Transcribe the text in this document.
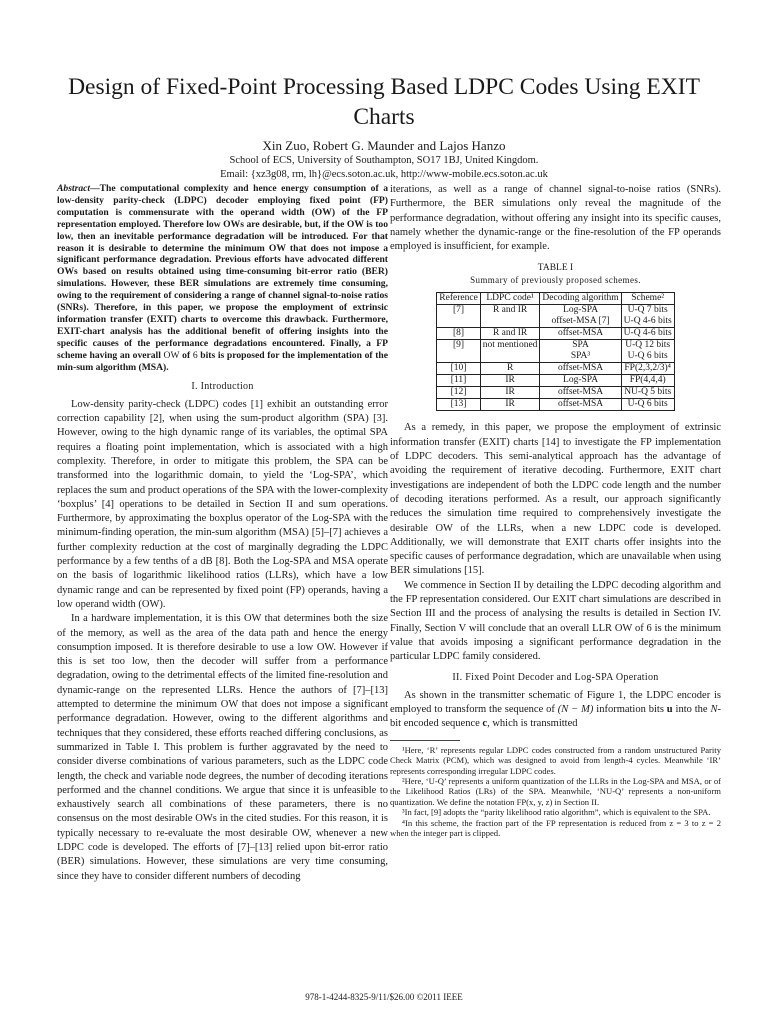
Design of Fixed-Point Processing Based LDPC Codes Using EXIT Charts
Xin Zuo, Robert G. Maunder and Lajos Hanzo
School of ECS, University of Southampton, SO17 1BJ, United Kingdom.
Email: {xz3g08, rm, lh}@ecs.soton.ac.uk, http://www-mobile.ecs.soton.ac.uk
Abstract—The computational complexity and hence energy consumption of a low-density parity-check (LDPC) decoder employing fixed point (FP) computation is commensurate with the operand width (OW) of the FP representation employed. Therefore low OWs are desirable, but, if the OW is too low, then an inevitable performance degradation will be introduced. For that reason it is desirable to determine the minimum OW that does not impose a significant performance degradation. Previous efforts have advocated different OWs based on results obtained using time-consuming bit-error ratio (BER) simulations. However, these BER simulations are extremely time consuming, owing to the requirement of considering a range of channel signal-to-noise ratios (SNRs). Therefore, in this paper, we propose the employment of extrinsic information transfer (EXIT) charts to overcome this drawback. Furthermore, EXIT-chart analysis has the additional benefit of offering insights into the specific causes of the performance degradations encountered. Finally, a FP scheme having an overall OW of 6 bits is proposed for the implementation of the min-sum algorithm (MSA).
I. Introduction

Low-density parity-check (LDPC) codes [1] exhibit an outstanding error correction capability [2], when using the sum-product algorithm (SPA) [3]. However, owing to the high dynamic range of its variables, the optimal SPA requires a floating point implementation, which is associated with a high complexity. Therefore, in order to mitigate this problem, the SPA can be transformed into the logarithmic domain, to yield the ‘Log-SPA’, which replaces the sum and product operations of the SPA with the lower-complexity ‘boxplus’ [4] operations to be detailed in Section II and sum operations. Furthermore, by approximating the boxplus operator of the Log-SPA with the minimum-finding operation, the min-sum algorithm (MSA) [5]–[7] achieves a further complexity reduction at the cost of marginally degrading the LDPC performance by a few tenths of a dB [8]. Both the Log-SPA and MSA operate on the basis of logarithmic likelihood ratios (LLRs), which have a low dynamic range and can be represented by fixed point (FP) operands, having a low operand width (OW).

In a hardware implementation, it is this OW that determines both the size of the memory, as well as the area of the data path and hence the energy consumption imposed. It is therefore desirable to use a low OW. However if this is set too low, then the decoder will suffer from a performance degradation, owing to the detrimental effects of the limited fine-resolution and dynamic-range on the represented LLRs. Hence the authors of [7]–[13] attempted to determine the minimum OW that does not impose a significant performance degradation. However, owing to the different algorithms and techniques that they considered, these efforts reached differing conclusions, as summarized in Table I. This problem is further aggravated by the need to consider diverse combinations of various parameters, such as the LDPC code length, the check and variable node degrees, the number of decoding iterations performed and the channel conditions. We argue that since it is unfeasible to exhaustively search all combinations of these parameters, there is no consensus on the most desirable OWs in the cited studies. For this reason, it is typically necessary to re-evaluate the most desirable OW, whenever a new LDPC code is developed. The efforts of [7]–[13] relied upon bit-error ratio (BER) simulations. However, these simulations are very time consuming, since they have to consider different numbers of decoding

iterations, as well as a range of channel signal-to-noise ratios (SNRs). Furthermore, the BER simulations only reveal the magnitude of the performance degradation, without offering any insight into its specific causes, namely whether the dynamic-range or the fine-resolution of the FP operands employed is insufficient, for example.

TABLE I
Summary of previously proposed schemes.
Reference	LDPC code¹	Decoding algorithm	Scheme²
[7]	R and IR	Log-SPA	U-Q 7 bits
		offset-MSA [7]	U-Q 4-6 bits
[8]	R and IR	offset-MSA	U-Q 4-6 bits
[9]	not mentioned	SPA	U-Q 12 bits
		SPA³	U-Q 6 bits
[10]	R	offset-MSA	FP(2,3,2/3)⁴
[11]	IR	Log-SPA	FP(4,4,4)
[12]	IR	offset-MSA	NU-Q 5 bits
[13]	IR	offset-MSA	U-Q 6 bits

As a remedy, in this paper, we propose the employment of extrinsic information transfer (EXIT) charts [14] to investigate the FP implementation of LDPC decoders. This semi-analytical approach has the advantage of avoiding the requirement of iterative decoding. Furthermore, EXIT chart investigations are independent of both the LDPC code length and the number of decoding iterations performed. As a result, our approach significantly reduces the simulation time required to comprehensively investigate the desirable OW of the LLRs, when a new LDPC code is developed. Additionally, we will demonstrate that EXIT charts offer insights into the specific causes of performance degradation, which are unavailable when using BER simulations [15].

We commence in Section II by detailing the LDPC decoding algorithm and the FP representation considered. Our EXIT chart simulations are described in Section III and the process of analysing the results is detailed in Section IV. Finally, Section V will conclude that an overall LLR OW of 6 is the minimum value that avoids imposing a significant performance degradation in the particular LDPC family considered.

II. Fixed Point Decoder and Log-SPA Operation

As shown in the transmitter schematic of Figure 1, the LDPC encoder is employed to transform the sequence of (N − M) information bits u into the N-bit encoded sequence c, which is transmitted

¹Here, ‘R’ represents regular LDPC codes constructed from a random unstructured Parity Check Matrix (PCM), which was designed to avoid from length-4 cycles. Meanwhile ‘IR’ represents corresponding irregular LDPC codes.
²Here, ‘U-Q’ represents a uniform quantization of the LLRs in the Log-SPA and MSA, or of the Likelihood Ratios (LRs) of the SPA. Meanwhile, ‘NU-Q’ represents a non-uniform quantization. We define the notation FP(x, y, z) in Section II.
³In fact, [9] adopts the “parity likelihood ratio algorithm”, which is equivalent to the SPA.
⁴In this scheme, the fraction part of the FP representation is reduced from z = 3 to z = 2 when the integer part is clipped.
978-1-4244-8325-9/11/$26.00 ©2011 IEEE
